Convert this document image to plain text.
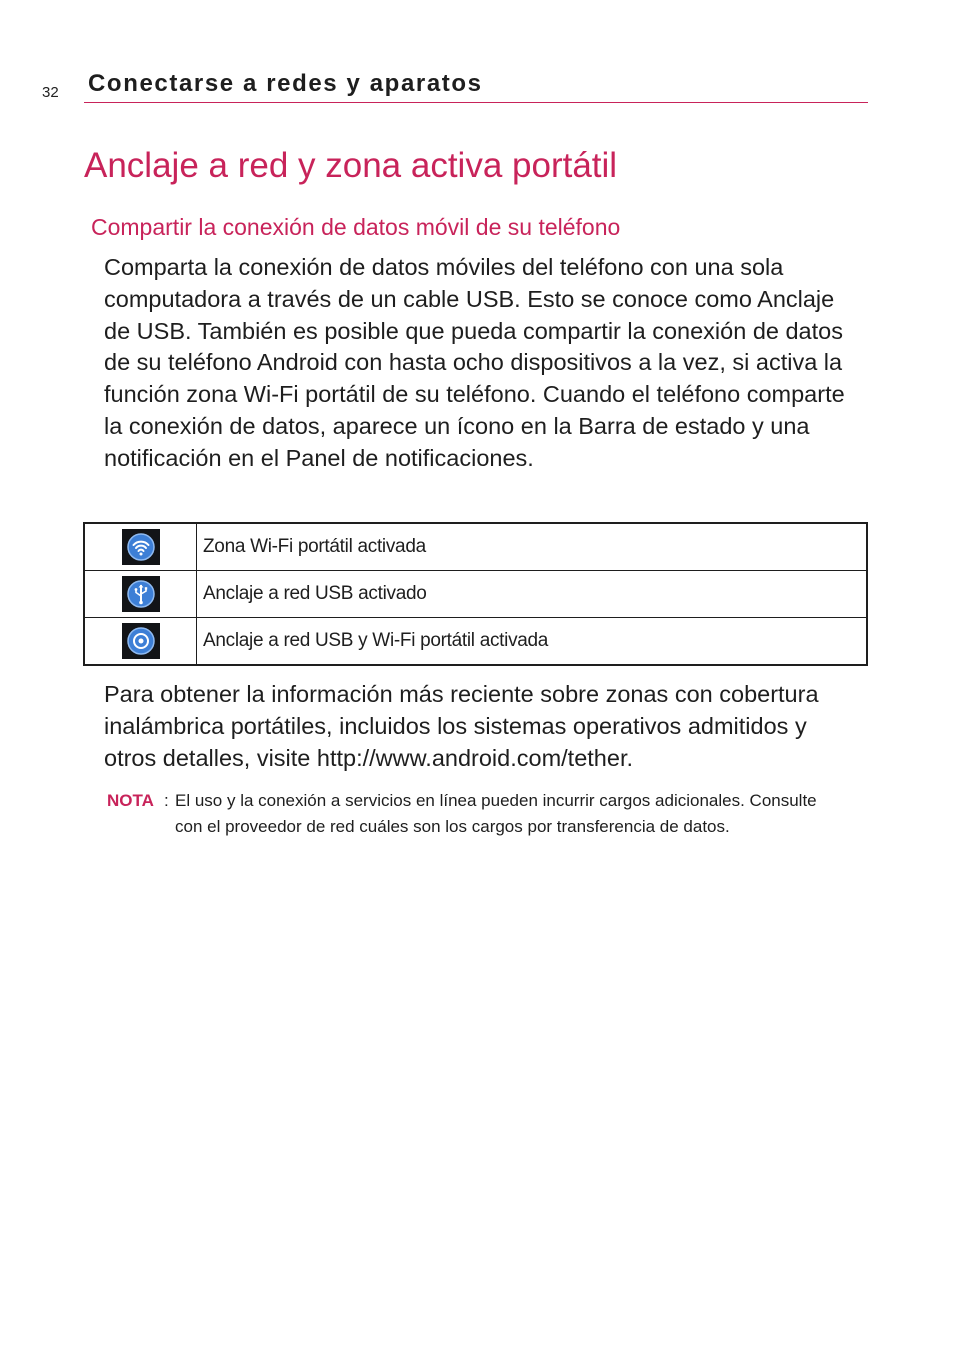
32 Conectarse a redes y aparatos
Anclaje a red y zona activa portátil
Compartir la conexión de datos móvil de su teléfono

Comparta la conexión de datos móviles del teléfono con una sola computadora a través de un cable USB. Esto se conoce como Anclaje de USB. También es posible que pueda compartir la conexión de datos de su teléfono Android con hasta ocho dispositivos a la vez, si activa la función zona Wi-Fi portátil de su teléfono. Cuando el teléfono comparte la conexión de datos, aparece un ícono en la Barra de estado y una notificación en el Panel de notificaciones.

	Zona Wi-Fi portátil activada

	Anclaje a red USB activado

	Anclaje a red USB y Wi-Fi portátil activada

Para obtener la información más reciente sobre zonas con cobertura inalámbrica portátiles, incluidos los sistemas operativos admitidos y otros detalles, visite http://www.android.com/tether.

NOTA : El uso y la conexión a servicios en línea pueden incurrir cargos adicionales. Consulte con el proveedor de red cuáles son los cargos por transferencia de datos.
